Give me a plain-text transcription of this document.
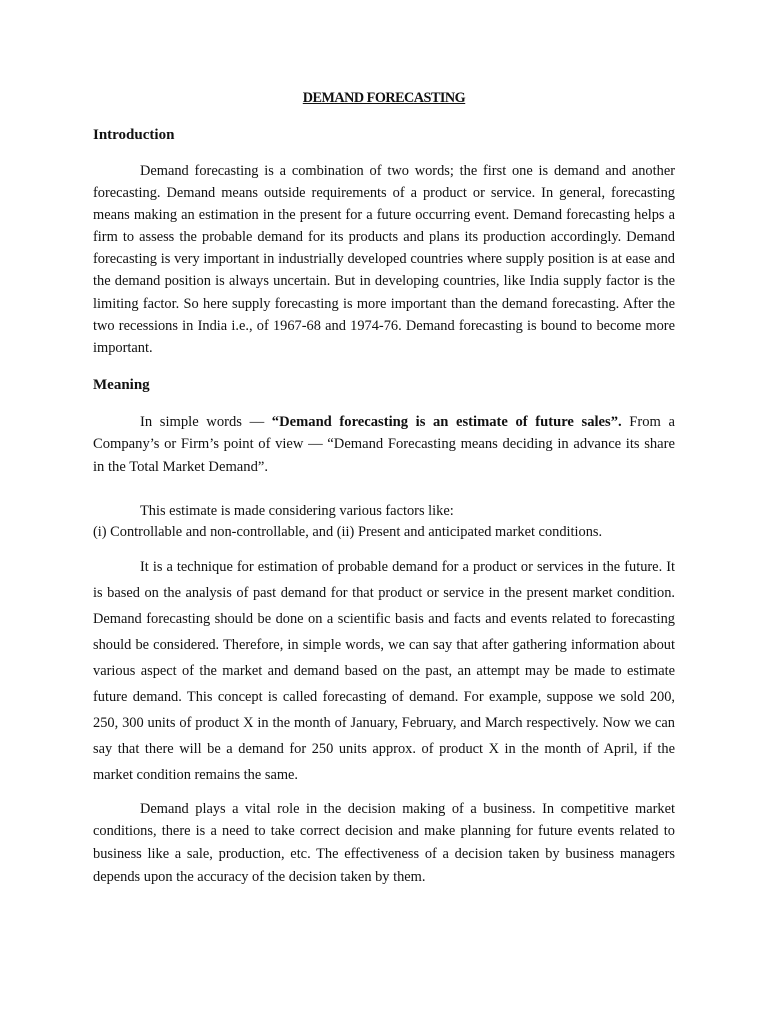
DEMAND FORECASTING
Introduction

Demand forecasting is a combination of two words; the first one is demand and another forecasting. Demand means outside requirements of a product or service. In general, forecasting means making an estimation in the present for a future occurring event. Demand forecasting helps a firm to assess the probable demand for its products and plans its production accordingly. Demand forecasting is very important in industrially developed countries where supply position is at ease and the demand position is always uncertain. But in developing countries, like India supply factor is the limiting factor. So here supply forecasting is more important than the demand forecasting. After the two recessions in India i.e., of 1967-68 and 1974-76. Demand forecasting is bound to become more important.

Meaning

In simple words — “Demand forecasting is an estimate of future sales”. From a Company’s or Firm’s point of view — “Demand Forecasting means deciding in advance its share in the Total Market Demand”.

This estimate is made considering various factors like:

(i) Controllable and non-controllable, and (ii) Present and anticipated market conditions.

It is a technique for estimation of probable demand for a product or services in the future. It is based on the analysis of past demand for that product or service in the present market condition. Demand forecasting should be done on a scientific basis and facts and events related to forecasting should be considered. Therefore, in simple words, we can say that after gathering information about various aspect of the market and demand based on the past, an attempt may be made to estimate future demand. This concept is called forecasting of demand. For example, suppose we sold 200, 250, 300 units of product X in the month of January, February, and March respectively. Now we can say that there will be a demand for 250 units approx. of product X in the month of April, if the market condition remains the same.

Demand plays a vital role in the decision making of a business. In competitive market conditions, there is a need to take correct decision and make planning for future events related to business like a sale, production, etc. The effectiveness of a decision taken by business managers depends upon the accuracy of the decision taken by them.
